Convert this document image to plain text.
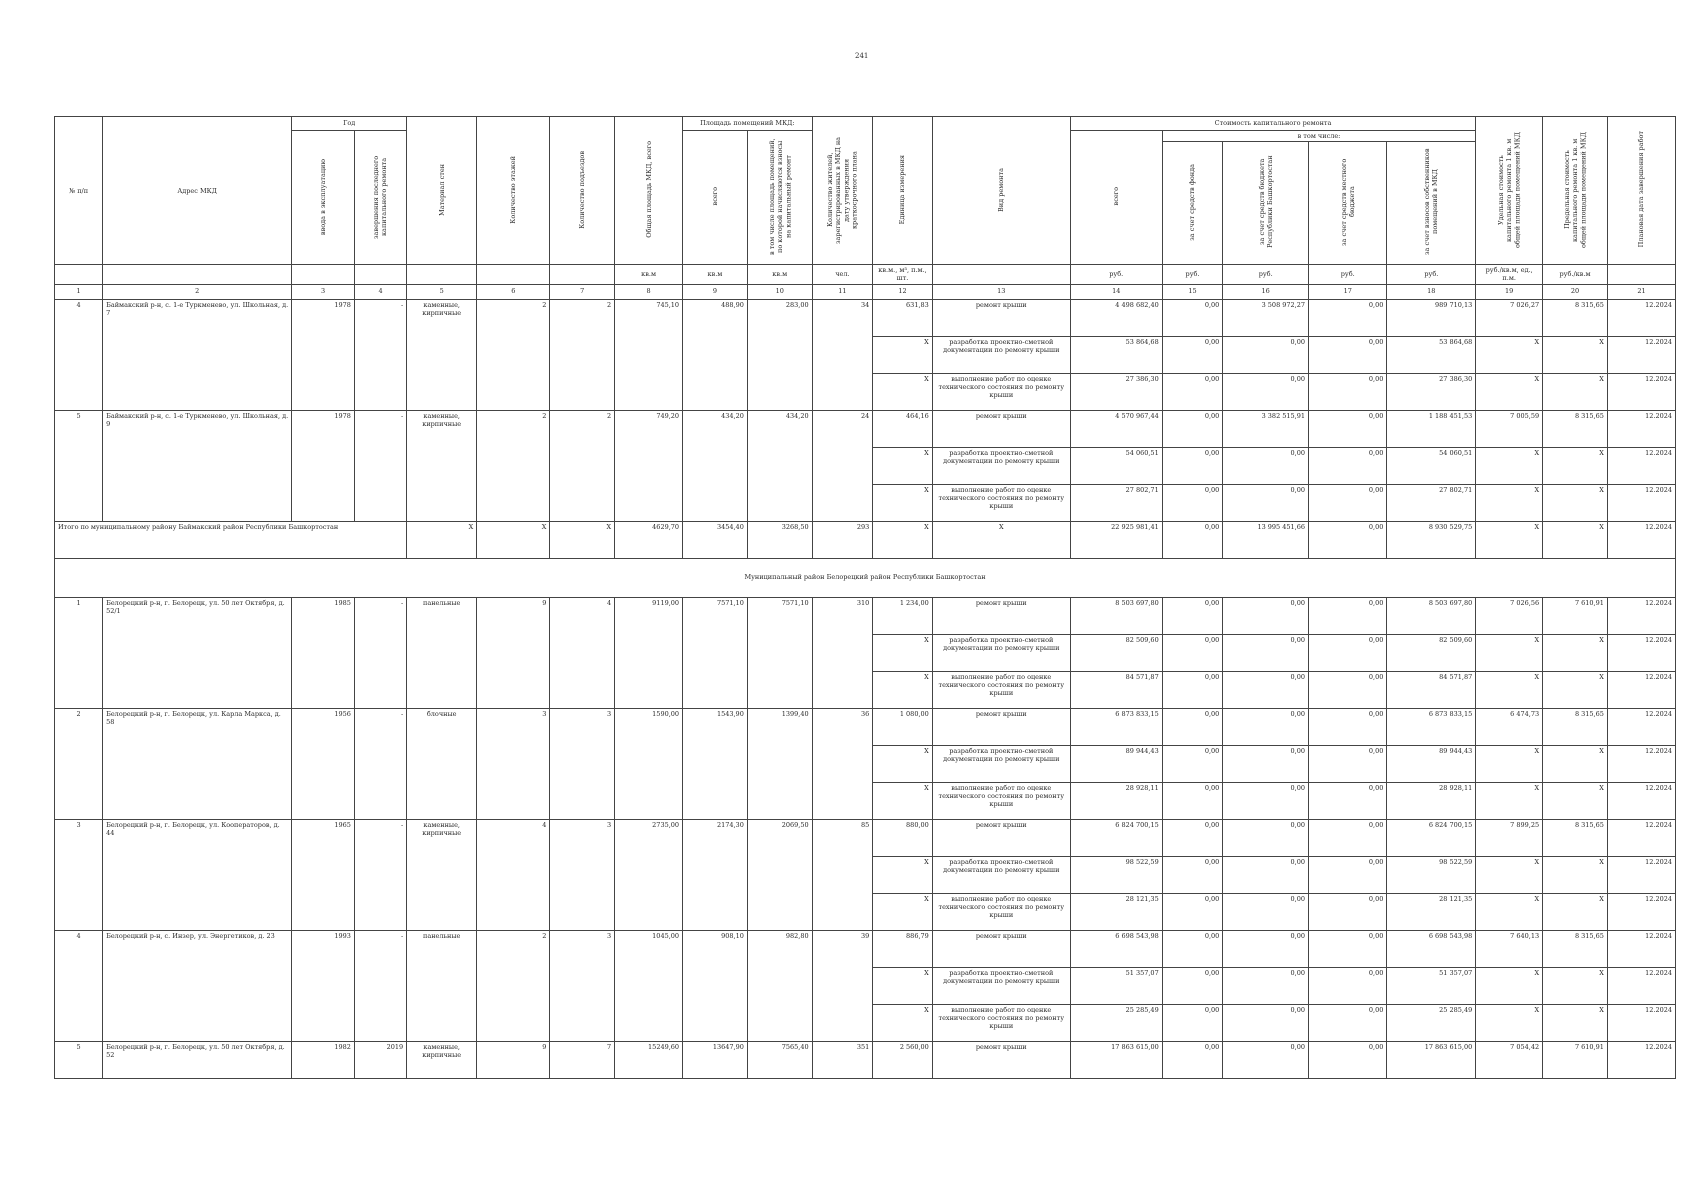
241
№ п/п	Адрес МКД	Год		Материал стен	Количество этажей	Количество подъездов	Общая площадь МКД, всего	Площадь помещений МКД:		Количество жителей, зарегистрированных в МКД на дату утверждения краткосрочного плана	Единица измерения	Вид ремонта	Стоимость капитального ремонта					Удельная стоимость капитального ремонта 1 кв. м общей площади помещений МКД	Предельная стоимость капитального ремонта 1 кв. м общей площади помещений МКД	Плановая дата завершения работ
		ввода в эксплуатацию	завершения последнего капитального ремонта					всего	в том числе площадь помещений, по которой начисляются взносы на капитальный ремонт				всего	в том числе:						
														за счет средств фонда	за счет средств бюджета Республики Башкортостан	за счет средств местного бюджета	за счет взносов собственников помещений в МКД			
							кв.м	кв.м	кв.м	чел.	кв.м., м³, п.м., шт.		руб.	руб.	руб.	руб.	руб.	руб./кв.м, ед., п.м.	руб./кв.м	
1	2	3	4	5	6	7	8	9	10	11	12	13	14	15	16	17	18	19	20	21
4	Баймакский р-н, с. 1-е Туркменево, ул. Школьная, д. 7	1978	-	каменные, кирпичные	2	2	745,10	488,90	283,00	34	631,83	ремонт крыши	4 498 682,40	0,00	3 508 972,27	0,00	989 710,13	7 026,27	8 315,65	12.2024
											X	разработка проектно-сметной документации по ремонту крыши	53 864,68	0,00	0,00	0,00	53 864,68	X	X	12.2024
											X	выполнение работ по оценке технического состояния по ремонту крыши	27 386,30	0,00	0,00	0,00	27 386,30	X	X	12.2024
5	Баймакский р-н, с. 1-е Туркменево, ул. Школьная, д. 9	1978	-	каменные, кирпичные	2	2	749,20	434,20	434,20	24	464,16	ремонт крыши	4 570 967,44	0,00	3 382 515,91	0,00	1 188 451,53	7 005,59	8 315,65	12.2024
											X	разработка проектно-сметной документации по ремонту крыши	54 060,51	0,00	0,00	0,00	54 060,51	X	X	12.2024
											X	выполнение работ по оценке технического состояния по ремонту крыши	27 802,71	0,00	0,00	0,00	27 802,71	X	X	12.2024
Итого по муниципальному району Баймакский район Республики Башкортостан				X	X	X	4629,70	3454,40	3268,50	293	X	X	22 925 981,41	0,00	13 995 451,66	0,00	8 930 529,75	X	X	12.2024
Муниципальный район Белорецкий район Республики Башкортостан																				
1	Белорецкий р-н, г. Белорецк, ул. 50 лет Октября, д. 52/1	1985	-	панельные	9	4	9119,00	7571,10	7571,10	310	1 234,00	ремонт крыши	8 503 697,80	0,00	0,00	0,00	8 503 697,80	7 026,56	7 610,91	12.2024
											X	разработка проектно-сметной документации по ремонту крыши	82 509,60	0,00	0,00	0,00	82 509,60	X	X	12.2024
											X	выполнение работ по оценке технического состояния по ремонту крыши	84 571,87	0,00	0,00	0,00	84 571,87	X	X	12.2024
2	Белорецкий р-н, г. Белорецк, ул. Карла Маркса, д. 58	1956	-	блочные	3	3	1590,00	1543,90	1399,40	36	1 080,00	ремонт крыши	6 873 833,15	0,00	0,00	0,00	6 873 833,15	6 474,73	8 315,65	12.2024
											X	разработка проектно-сметной документации по ремонту крыши	89 944,43	0,00	0,00	0,00	89 944,43	X	X	12.2024
											X	выполнение работ по оценке технического состояния по ремонту крыши	28 928,11	0,00	0,00	0,00	28 928,11	X	X	12.2024
3	Белорецкий р-н, г. Белорецк, ул. Кооператоров, д. 44	1965	-	каменные, кирпичные	4	3	2735,00	2174,30	2069,50	85	880,00	ремонт крыши	6 824 700,15	0,00	0,00	0,00	6 824 700,15	7 899,25	8 315,65	12.2024
											X	разработка проектно-сметной документации по ремонту крыши	98 522,59	0,00	0,00	0,00	98 522,59	X	X	12.2024
											X	выполнение работ по оценке технического состояния по ремонту крыши	28 121,35	0,00	0,00	0,00	28 121,35	X	X	12.2024
4	Белорецкий р-н, с. Инзер, ул. Энергетиков, д. 23	1993	-	панельные	2	3	1045,00	908,10	982,80	39	886,79	ремонт крыши	6 698 543,98	0,00	0,00	0,00	6 698 543,98	7 640,13	8 315,65	12.2024
											X	разработка проектно-сметной документации по ремонту крыши	51 357,07	0,00	0,00	0,00	51 357,07	X	X	12.2024
											X	выполнение работ по оценке технического состояния по ремонту крыши	25 285,49	0,00	0,00	0,00	25 285,49	X	X	12.2024
5	Белорецкий р-н, г. Белорецк, ул. 50 лет Октября, д. 52	1982	2019	каменные, кирпичные	9	7	15249,60	13647,90	7565,40	351	2 560,00	ремонт крыши	17 863 615,00	0,00	0,00	0,00	17 863 615,00	7 054,42	7 610,91	12.2024
